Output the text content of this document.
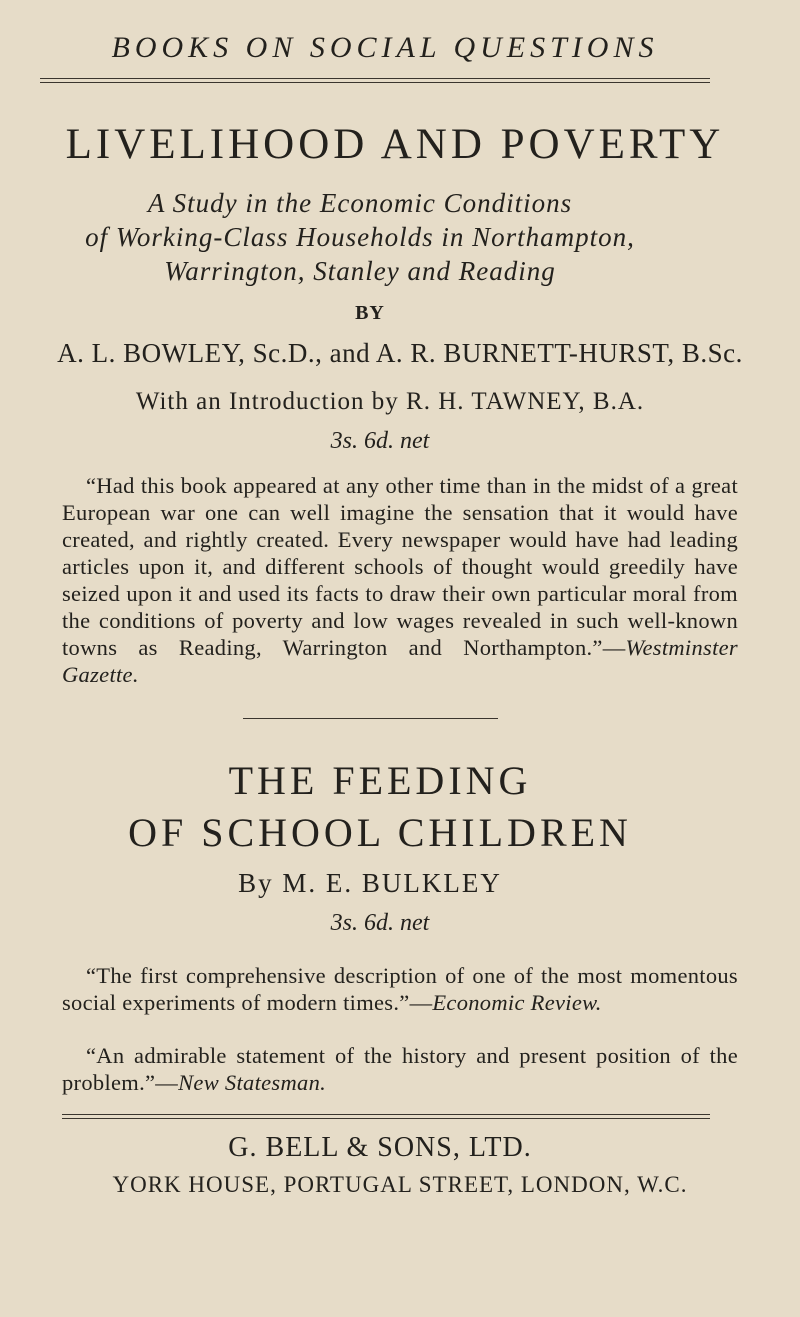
BOOKS ON SOCIAL QUESTIONS
LIVELIHOOD AND POVERTY
A Study in the Economic Conditions
of Working-Class Households in Northampton,
Warrington, Stanley and Reading
BY
A. L. BOWLEY, Sc.D., and A. R. BURNETT-HURST, B.Sc.
With an Introduction by R. H. TAWNEY, B.A.
3s. 6d. net
“Had this book appeared at any other time than in the midst of a great European war one can well imagine the sensation that it would have created, and rightly created. Every newspaper would have had leading articles upon it, and different schools of thought would greedily have seized upon it and used its facts to draw their own particular moral from the conditions of poverty and low wages revealed in such well-known towns as Reading, Warrington and Northampton.”—Westminster Gazette.
THE FEEDING
OF SCHOOL CHILDREN
By M. E. BULKLEY
3s. 6d. net
“The first comprehensive description of one of the most momentous social experiments of modern times.”—Economic Review.
“An admirable statement of the history and present position of the problem.”—New Statesman.
G. BELL & SONS, LTD.
YORK HOUSE, PORTUGAL STREET, LONDON, W.C.
